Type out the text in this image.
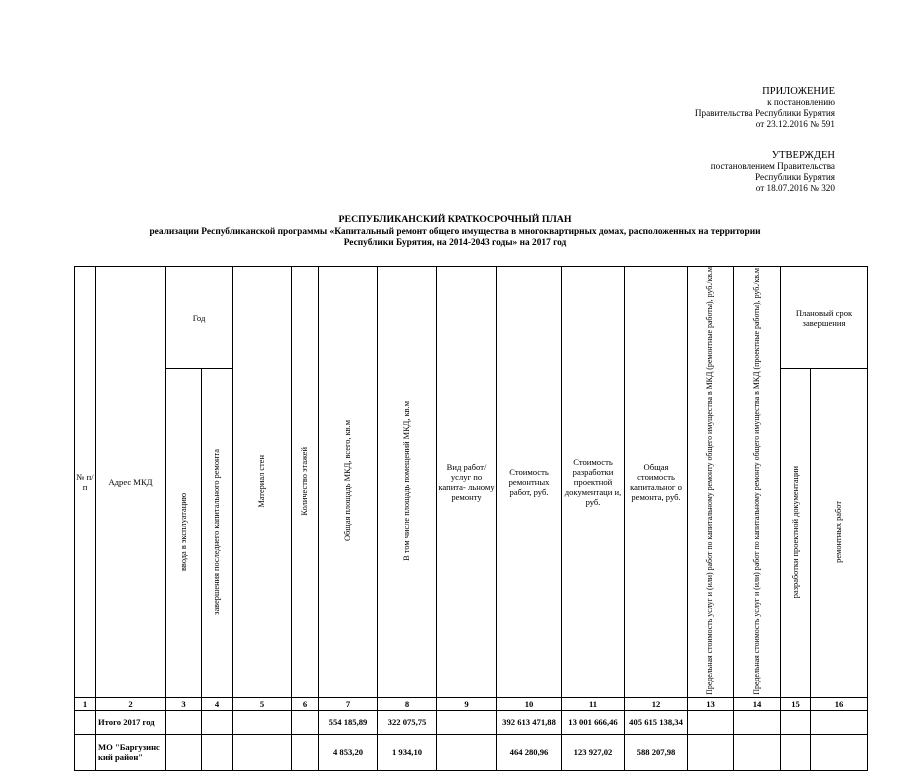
ПРИЛОЖЕНИЕ
к постановлению
Правительства Республики Бурятия
от 23.12.2016 № 591
УТВЕРЖДЕН
постановлением Правительства
Республики Бурятия
от 18.07.2016 № 320
РЕСПУБЛИКАНСКИЙ КРАТКОСРОЧНЫЙ ПЛАН
реализации Республиканской программы «Капитальный ремонт общего имущества в многоквартирных домах, расположенных на территории
Республики Бурятия, на 2014-2043 годы» на 2017 год
№ п/ п	Адрес МКД	Год		Материал стен	Количество этажей	Общая площадь МКД, всего, кв.м	В том числе площадь помещений МКД, кв.м	Вид работ/ услуг по капита- льному ремонту	Стоимость ремонтных работ, руб.	Стоимость разработки проектной документаци и, руб.	Общая стоимость капитальног о ремонта, руб.	Предельная стоимость услуг и (или) работ по капитальному ремонту общего имущества в МКД (ремонтные работы), руб./кв.м	Предельная стоимость услуг и (или) работ по капитальному ремонту общего имущества в МКД (проектные работы), руб./кв.м	Плановый срок завершения	
		ввода в эксплуатацию	завершения последнего капитального ремонта											разработки проектной документации	ремонтных работ
1	2	3	4	5	6	7	8	9	10	11	12	13	14	15	16
	Итого 2017 год					554 185,89	322 075,75		392 613 471,88	13 001 666,46	405 615 138,34				
	МО "Баргузинс кий район"					4 853,20	1 934,10		464 280,96	123 927,02	588 207,98				
